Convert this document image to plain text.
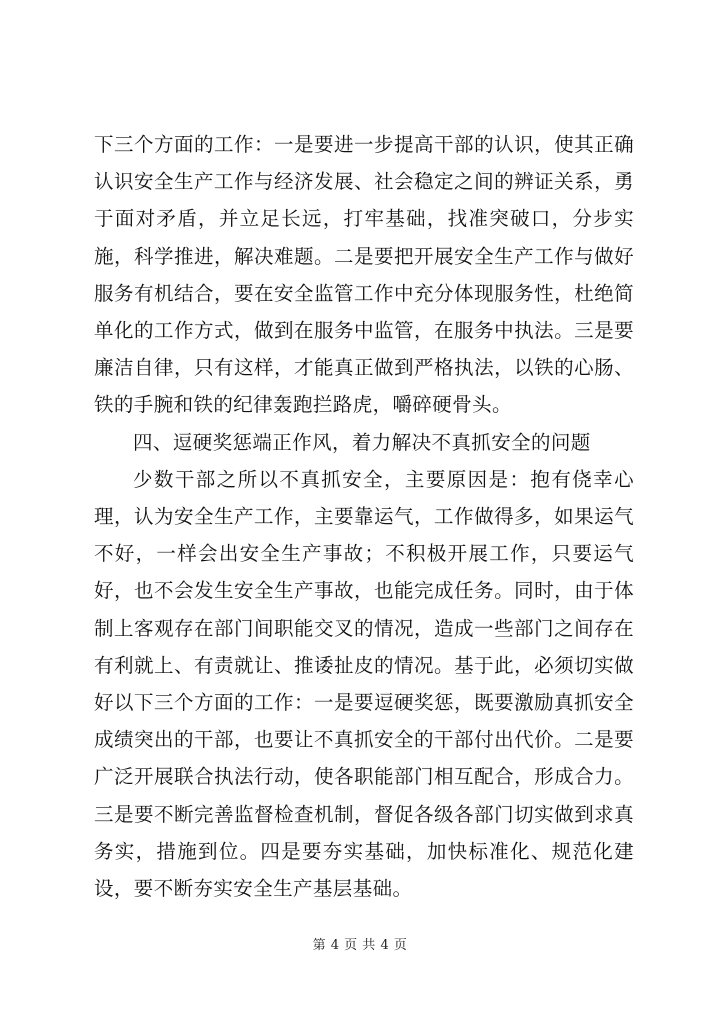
下三个方面的工作：一是要进一步提高干部的认识，使其正确认识安全生产工作与经济发展、社会稳定之间的辨证关系，勇于面对矛盾，并立足长远，打牢基础，找准突破口，分步实施，科学推进，解决难题。二是要把开展安全生产工作与做好服务有机结合，要在安全监管工作中充分体现服务性，杜绝简单化的工作方式，做到在服务中监管，在服务中执法。三是要廉洁自律，只有这样，才能真正做到严格执法，以铁的心肠、铁的手腕和铁的纪律轰跑拦路虎，嚼碎硬骨头。

四、逗硬奖惩端正作风，着力解决不真抓安全的问题

少数干部之所以不真抓安全，主要原因是：抱有侥幸心理，认为安全生产工作，主要靠运气，工作做得多，如果运气不好，一样会出安全生产事故；不积极开展工作，只要运气好，也不会发生安全生产事故，也能完成任务。同时，由于体制上客观存在部门间职能交叉的情况，造成一些部门之间存在有利就上、有责就让、推诿扯皮的情况。基于此，必须切实做好以下三个方面的工作：一是要逗硬奖惩，既要激励真抓安全成绩突出的干部，也要让不真抓安全的干部付出代价。二是要广泛开展联合执法行动，使各职能部门相互配合，形成合力。三是要不断完善监督检查机制，督促各级各部门切实做到求真务实，措施到位。四是要夯实基础，加快标准化、规范化建设，要不断夯实安全生产基层基础。

第 4 页 共 4 页
